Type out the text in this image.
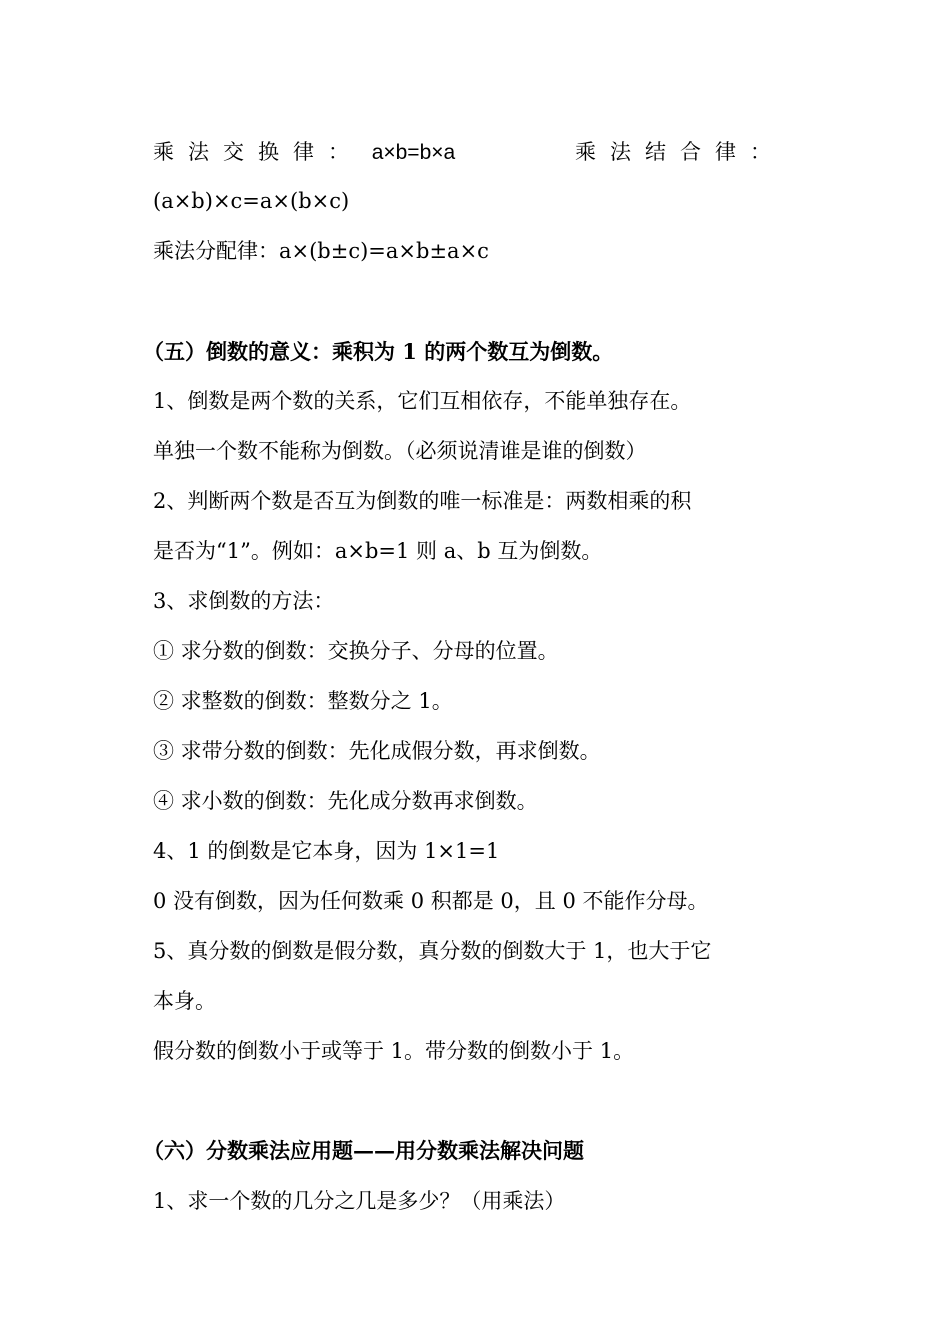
乘法交换律： a×b=b×a	乘法结合律：
(a×b)×c=a×(b×c)
乘法分配律：a×(b±c)=a×b±a×c
（五）倒数的意义：乘积为 1 的两个数互为倒数。
1、倒数是两个数的关系，它们互相依存，不能单独存在。
单独一个数不能称为倒数。（必须说清谁是谁的倒数）
2、判断两个数是否互为倒数的唯一标准是：两数相乘的积
是否为“1”。例如：a×b=1 则 a、b 互为倒数。
3、求倒数的方法：
① 求分数的倒数：交换分子、分母的位置。
② 求整数的倒数：整数分之 1。
③ 求带分数的倒数：先化成假分数，再求倒数。
④ 求小数的倒数：先化成分数再求倒数。
4、1 的倒数是它本身，因为 1×1=1
0 没有倒数，因为任何数乘 0 积都是 0，且 0 不能作分母。
5、真分数的倒数是假分数，真分数的倒数大于 1，也大于它
本身。
假分数的倒数小于或等于 1。带分数的倒数小于 1。
（六）分数乘法应用题——用分数乘法解决问题
1、求一个数的几分之几是多少？（用乘法）
